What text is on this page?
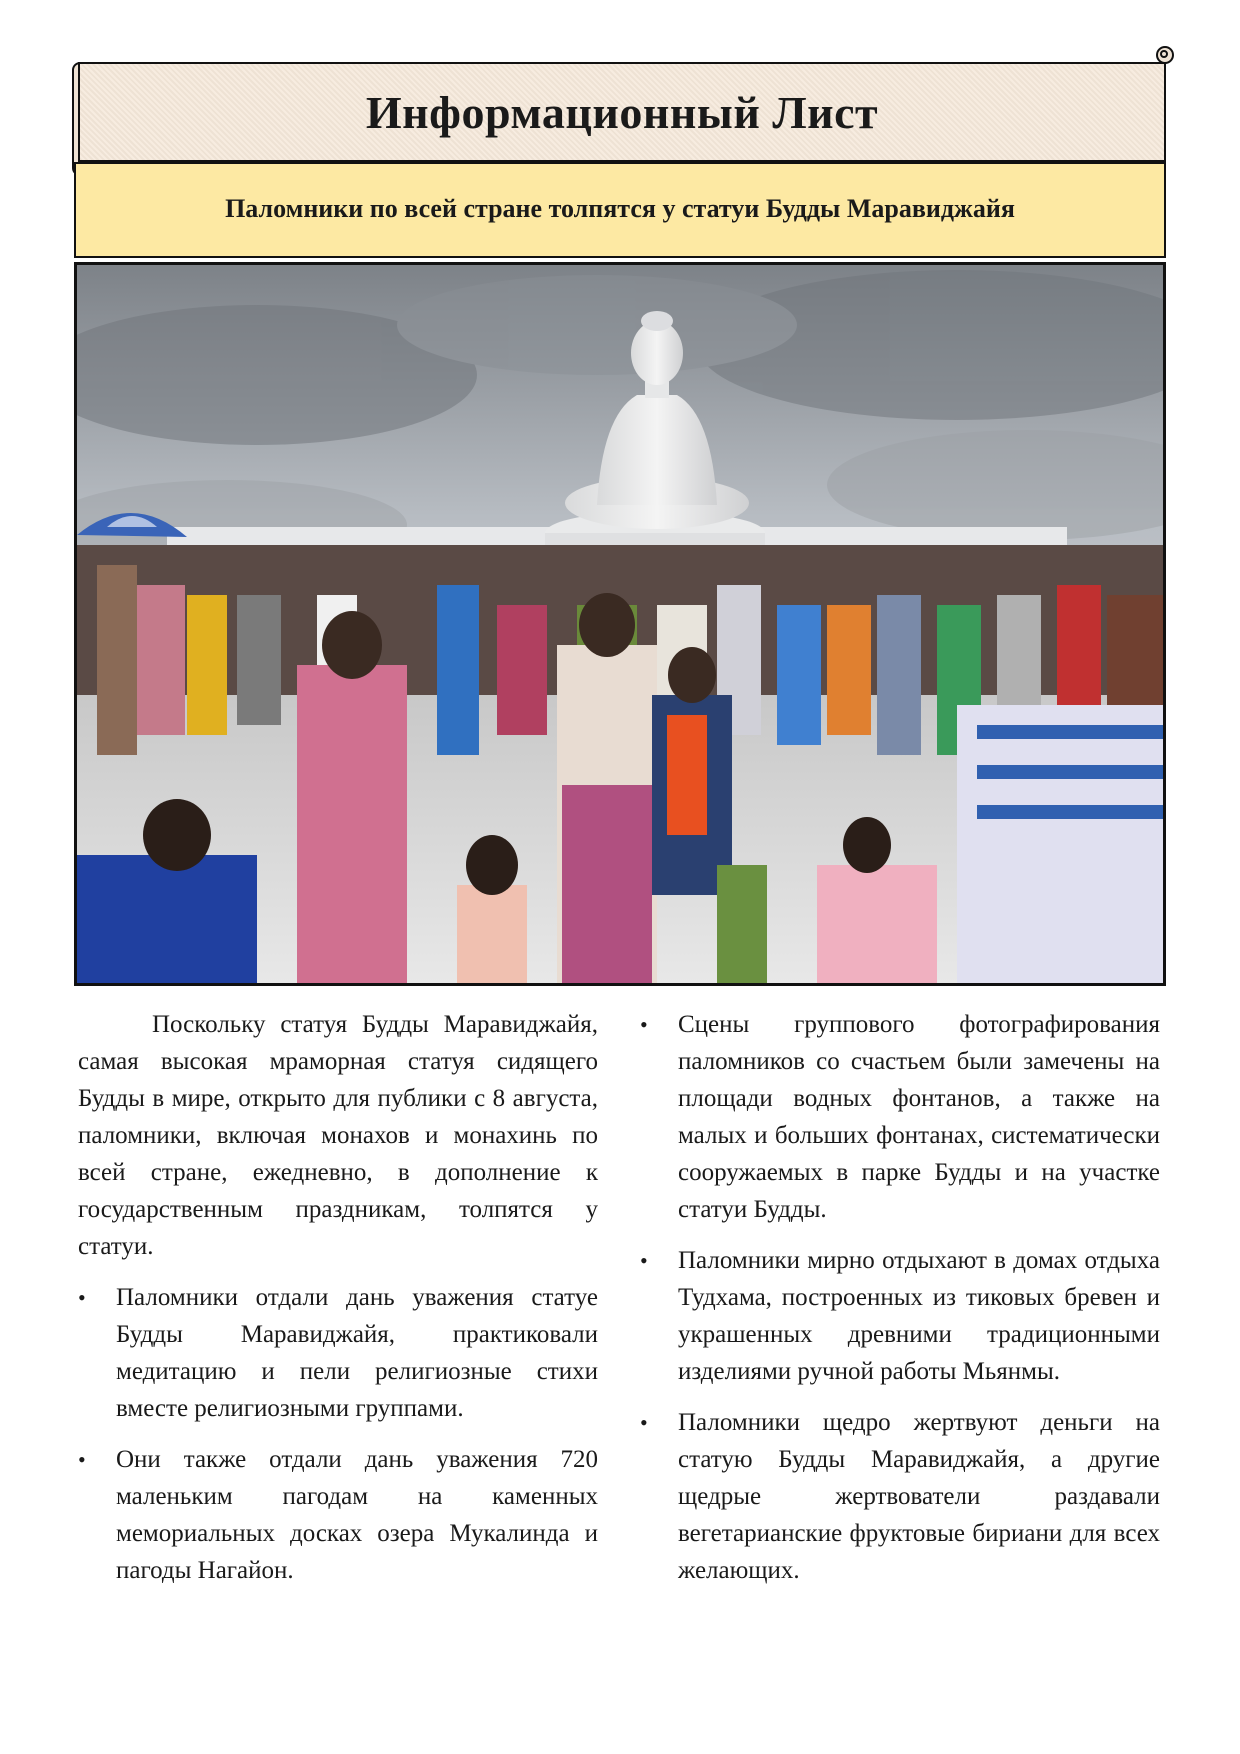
Информационный Лист
Паломники по всей стране толпятся у статуи Будды Маравиджайя

Поскольку статуя Будды Маравиджайя, самая высокая мраморная статуя сидящего Будды в мире, открыто для публики с 8 августа, паломники, включая монахов и монахинь по всей стране, ежедневно, в дополнение к государственным праздникам, толпятся у статуи.

• Паломники отдали дань уважения статуе Будды Маравиджайя, практиковали медитацию и пели религиозные стихи вместе религиозными группами.
• Они также отдали дань уважения 720 маленьким пагодам на каменных мемориальных досках озера Мукалинда и пагоды Нагайон.
• Сцены группового фотографирования паломников со счастьем были замечены на площади водных фонтанов, а также на малых и больших фонтанах, систематически сооружаемых в парке Будды и на участке статуи Будды.
• Паломники мирно отдыхают в домах отдыха Тудхама, построенных из тиковых бревен и украшенных древними традиционными изделиями ручной работы Мьянмы.
• Паломники щедро жертвуют деньги на статую Будды Маравиджайя, а другие щедрые жертвователи раздавали вегетарианские фруктовые бириани для всех желающих.
